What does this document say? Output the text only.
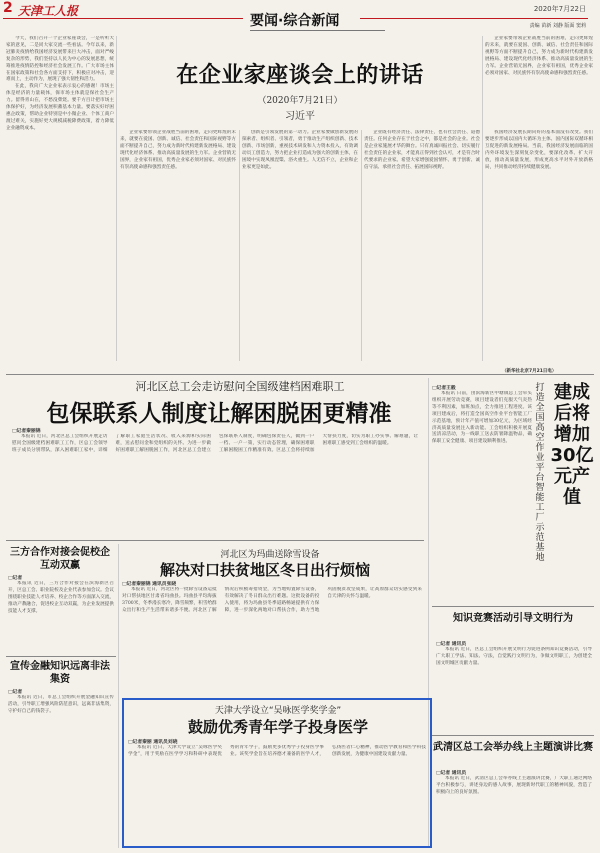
2 天津工人报
要闻·综合新闻
2020年7月22日
责编 苗新 刘静 版面 窦莉

今天，我们召开一个企业家座谈会，一是听听大家的意见，二是同大家交流一些看法。今年以来，新冠肺炎疫情给我国经济发展带来巨大冲击，面对严峻复杂的形势，我们坚持以人民为中心的发展思想，统筹推进疫情防控和经济社会发展工作。广大市场主体在国家政策和社会各方面支持下，积极应对冲击，迎难而上，主动作为，展现了强大韧性和活力。

在此，我向广大企业家表示衷心的感谢！市场主体是经济的力量载体，保市场主体就是保社会生产力。留得青山在，不愁没柴烧。要千方百计把市场主体保护好，为经济发展积蓄基本力量。要落实好纾困惠企政策，帮助企业特别是中小微企业、个体工商户渡过难关，实施好更大规模减税降费政策，着力降低企业融资成本。

在企业家座谈会上的讲话
（2020年7月21日）
习近平

企业家要带领企业战胜当前的困难，走向更辉煌的未来，就要在爱国、创新、诚信、社会责任和国际视野等方面不断提升自己，努力成为新时代构建新发展格局、建设现代化经济体系、推动高质量发展的生力军。企业营销无国界，企业家有祖国，优秀企业家必须对国家、对民族怀有崇高使命感和强烈责任感。

企业家要带领企业战胜当前的困难，走向更辉煌的未来，就要在爱国、创新、诚信、社会责任和国际视野等方面不断提升自己，努力成为新时代构建新发展格局、建设现代化经济体系、推动高质量发展的生力军。企业营销无国界，企业家有祖国，优秀企业家必须对国家、对民族怀有崇高使命感和强烈责任感。

创新是引领发展的第一动力。企业家要做创新发展的探索者、组织者、引领者，勇于推动生产组织创新、技术创新、市场创新，重视技术研发和人力资本投入，有效调动员工创造力，努力把企业打造成为强大的创新主体，在困境中实现凤凰涅槃、浴火重生。人无信不立，企业和企业家更是如此。

企业既有经济责任、法律责任，也有社会责任、道德责任。任何企业存在于社会之中，都是社会的企业。社会是企业家施展才华的舞台。只有真诚回报社会、切实履行社会责任的企业家，才能真正得到社会认可，才是符合时代要求的企业家。希望大家增强爱国情怀、勇于创新、诚信守法、承担社会责任、拓展国际视野。

我国经济发展长期向好的基本面没有改变。我们要逐步形成以国内大循环为主体、国内国际双循环相互促进的新发展格局。当前，我国经济发展面临的国内外环境发生深刻复杂变化，要深化改革、扩大开放，推动高质量发展，形成更高水平对外开放新格局，共同推动经济持续健康发展。

（新华社北京7月21日电）
河北区总工会走访慰问全国级建档困难职工
包保联系人制度让解困脱困更精准
□记者秦丽锦

本报讯 近日，河北区总工会组织开展走访慰问全国级建档困难职工工作，区总工会领导班子成员分别带队，深入困难职工家中，详细了解职工家庭生活状况、收入来源和实际困难，送去慰问金和党组织的关怀。为进一步做好困难职工解困脱困工作，河北区总工会建立包保联系人制度，明确包保责任人，做到一户一档、一户一策，实行动态管理，确保困难职工解困脱困工作精准有效。区总工会将持续加大帮扶力度，切实为职工办实事、解难题，让困难职工感受到工会组织的温暖。

打造全国高空作业平台智能工厂示范基地
建成后将增加30亿元产值
□记者王毅

本报讯 日前，由滨海新区中塘镇总工会牵头组织开展劳动竞赛，项目建设者们克服天气炎热等不利因素，加班加点，全力推进工程进度。该项目建成后，将打造全国高空作业平台智能工厂示范基地，预计年产值可增加30亿元，为区域经济高质量发展注入新动能。工会组织积极开展夏送清凉活动，为一线职工送去防暑降温物品，确保职工安全健康、项目建设顺利推进。

河北区为玛曲送除雪设备
解决对口扶贫地区冬日出行烦恼
□记者秦丽锦 通讯员张晓

本报讯 近日，河北区将一批除雪设备运抵对口帮扶地区甘肃省玛曲县。玛曲县平均海拔3700米，冬季漫长寒冷，降雪频繁，积雪给群众出行和生产生活带来诸多不便。河北区了解情况后积极筹措资金，为当地购置除雪设备，有效解决了冬日群众出行难题。这批设备的投入使用，将为玛曲县冬季道路畅通提供有力保障，进一步深化两地对口帮扶合作，助力当地巩固脱贫攻坚成果，让高原群众切实感受到来自天津的关怀与温暖。

三方合作对接会促校企互动双赢
□记者

本报讯 近日，三方合作对接会在滨海新区召开，区总工会、职业院校及企业代表参加会议。会议围绕职业技能人才培养、校企合作等方面深入交流，推动产教融合，促进校企互动双赢，为企业发展提供技能人才支撑。

宣传金融知识远离非法集资
□记者

本报讯 近日，市总工会组织开展金融知识宣传活动，引导职工增强风险防范意识，远离非法集资，守护好自己的钱袋子。

知识竞赛活动引导文明行为
□记者 通讯员

本报讯 近日，区总工会组织开展文明行为促进条例知识竞赛活动，引导广大职工学法、知法、守法，自觉践行文明行为，争做文明职工，为创建全国文明城区贡献力量。

武清区总工会举办线上主题演讲比赛
□记者 通讯员

本报讯 近日，武清区总工会举办线上主题演讲比赛，广大职工通过网络平台积极参与，讲述身边的感人故事，展现新时代职工的精神风貌，营造了积极向上的良好氛围。

天津大学设立“吴咏医学奖学金”
鼓励优秀青年学子投身医学
□记者秦丽 通讯员刘晓

本报讯 近日，天津大学设立“吴咏医学奖学金”，用于奖励在医学学习和科研中表现优秀的青年学子，鼓励更多优秀学子投身医学事业。该奖学金旨在培养德才兼备的医学人才，弘扬医者仁心精神，推动医学教育和医学科技创新发展，为健康中国建设贡献力量。
